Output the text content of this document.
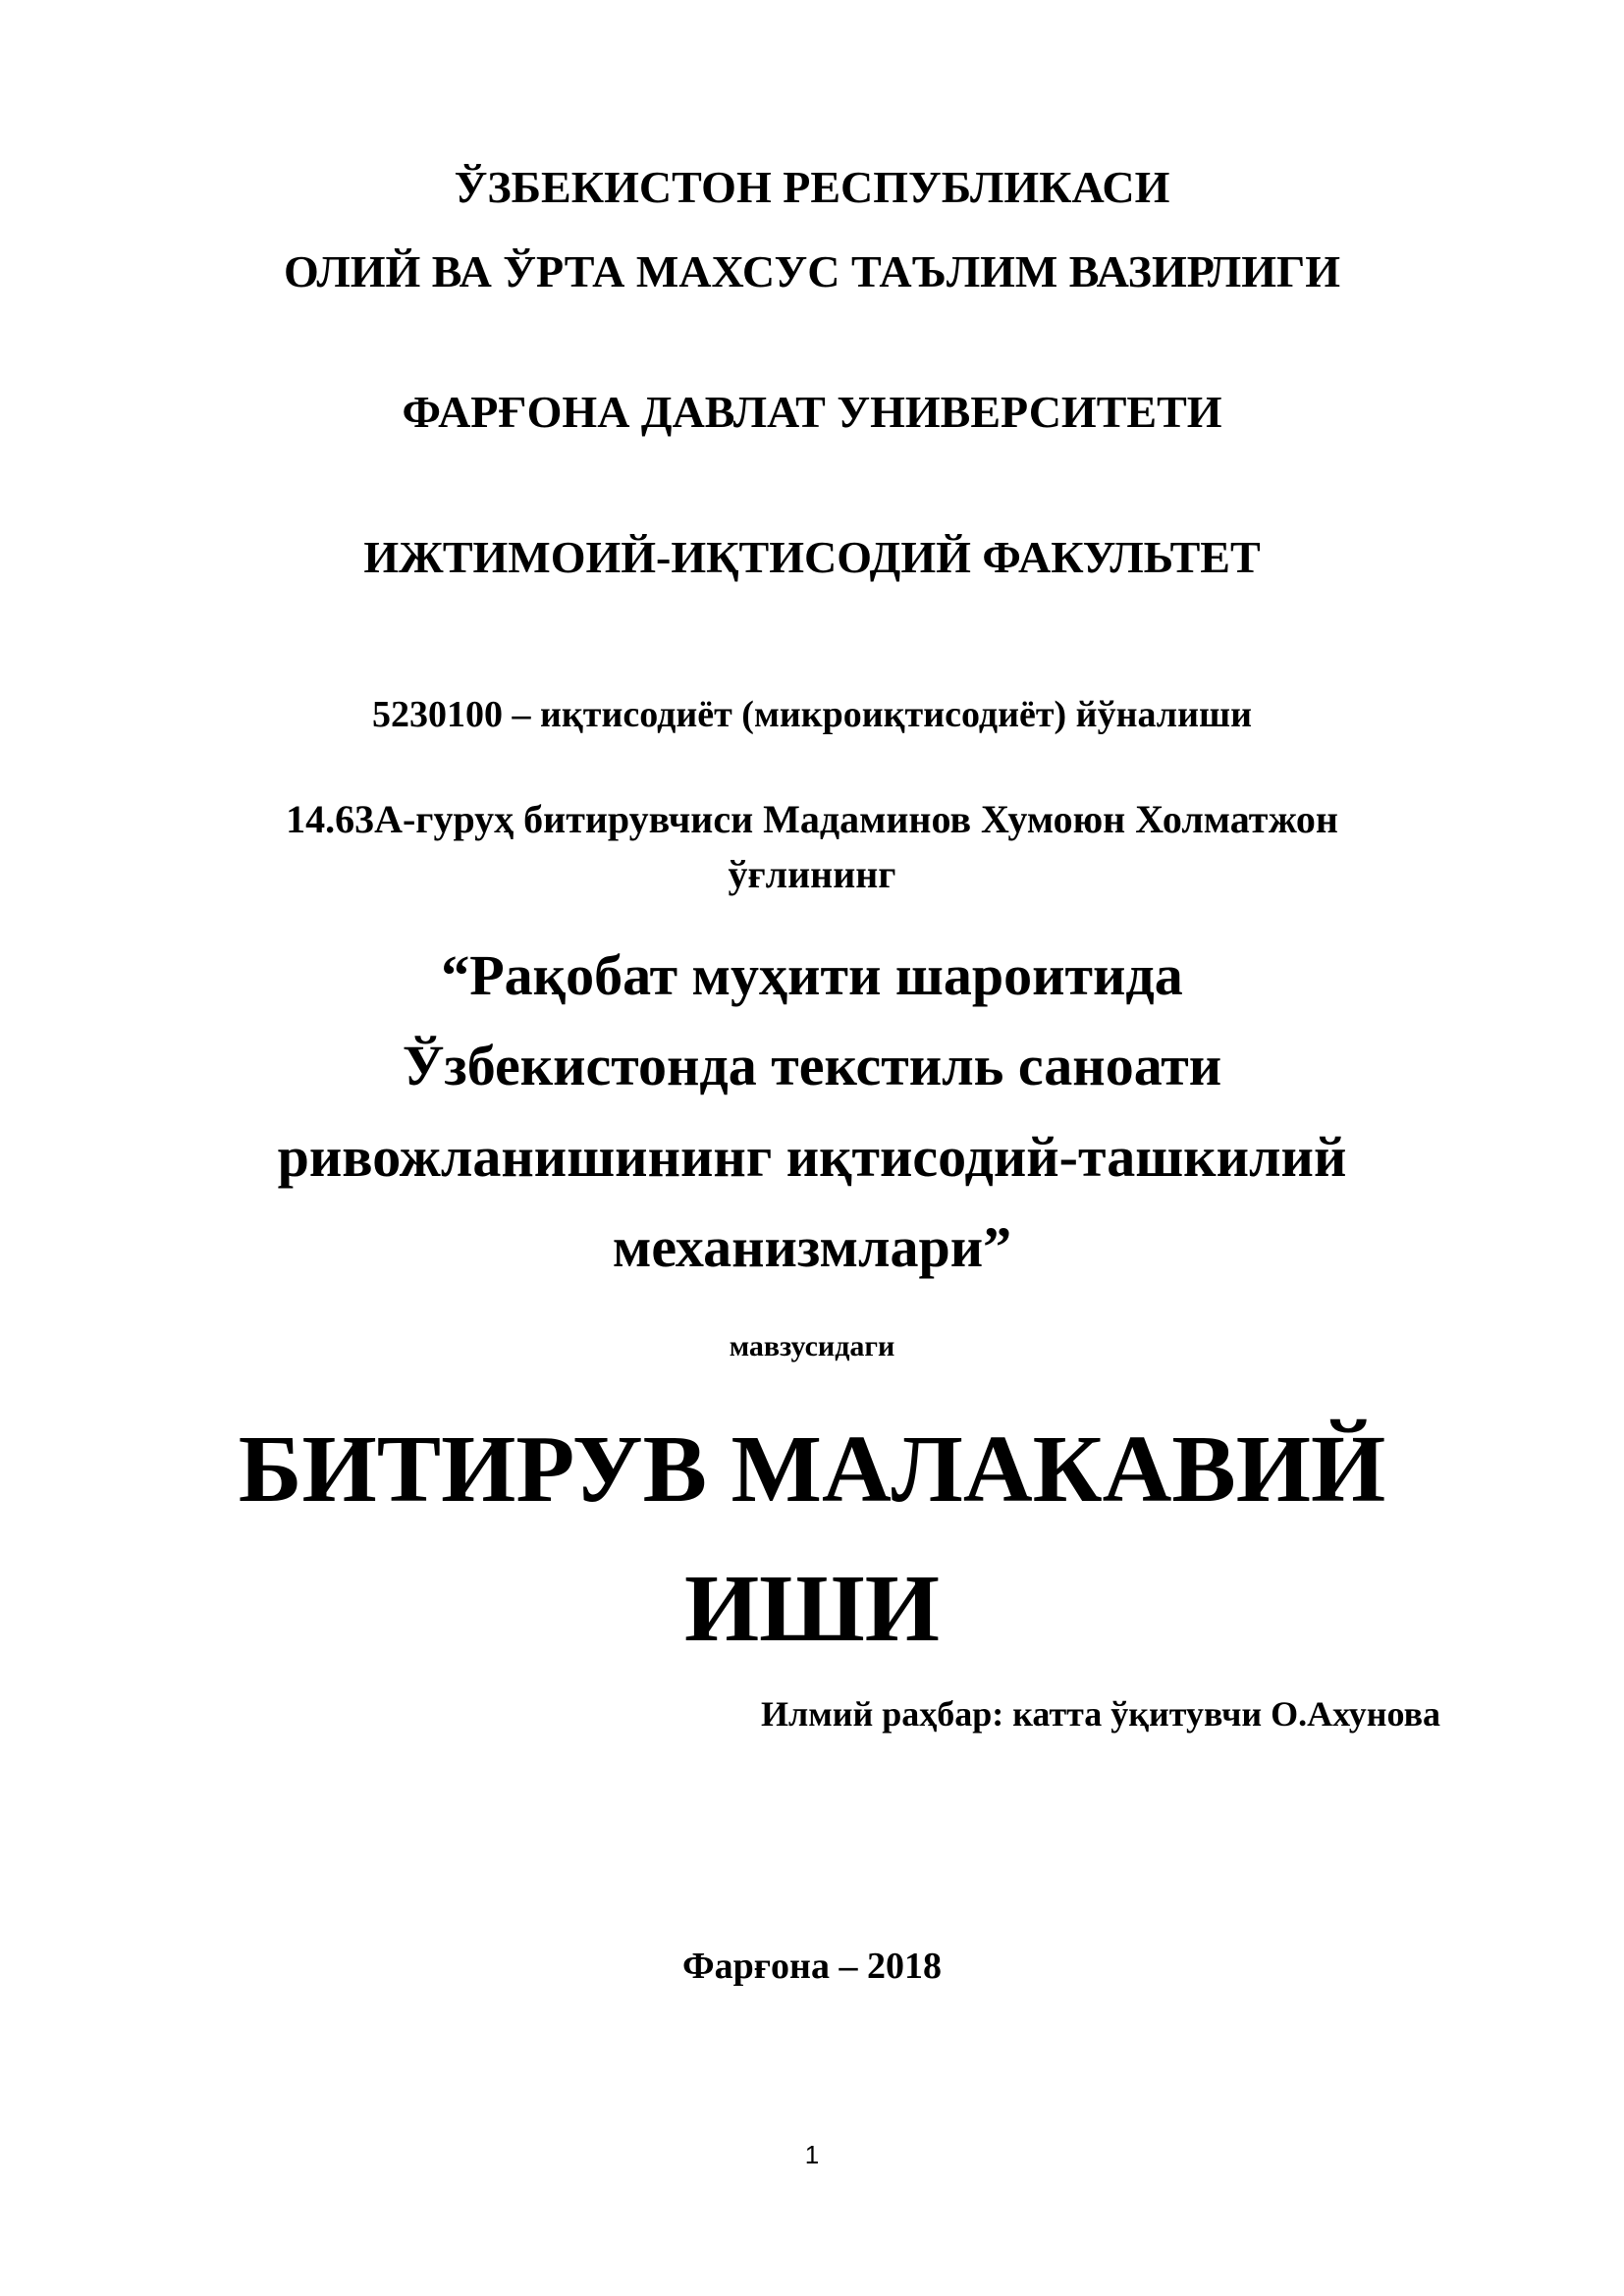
ЎЗБЕКИСТОН РЕСПУБЛИКАСИ
ОЛИЙ ВА ЎРТА МАХСУС ТАЪЛИМ ВАЗИРЛИГИ
ФАРҒОНА ДАВЛАТ УНИВЕРСИТЕТИ
ИЖТИМОИЙ-ИҚТИСОДИЙ ФАКУЛЬТЕТ
5230100 – иқтисодиёт (микроиқтисодиёт) йўналиши
14.63А-гуруҳ битирувчиси Мадаминов Хумоюн Холматжон
ўғлининг
“Рақобат муҳити шароитида
Ўзбекистонда текстиль саноати
ривожланишининг иқтисодий-ташкилий
механизмлари”
мавзусидаги
БИТИРУВ МАЛАКАВИЙ
ИШИ
Илмий раҳбар: катта ўқитувчи О.Ахунова
Фарғона – 2018
1
